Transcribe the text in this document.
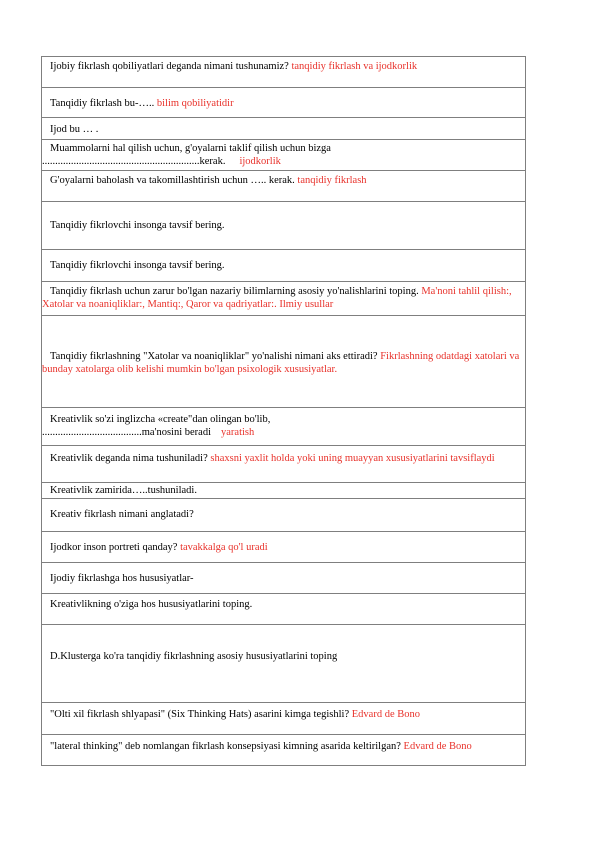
Ijobiy fikrlash qobiliyatlari deganda nimani tushunamiz? tanqidiy fikrlash va ijodkorlik
Tanqidiy fikrlash bu-….. bilim qobiliyatidir
Ijod bu … .
Muammolarni hal qilish uchun, g'oyalarni taklif qilish uchun bizga
............................................................kerak. ijodkorlik
G'oyalarni baholash va takomillashtirish uchun ….. kerak. tanqidiy fikrlash
Tanqidiy fikrlovchi insonga tavsif bering.
Tanqidiy fikrlovchi insonga tavsif bering.
Tanqidiy fikrlash uchun zarur bo'lgan nazariy bilimlarning asosiy yo'nalishlarini toping. Ma'noni tahlil qilish:, Xatolar va noaniqliklar:, Mantiq:, Qaror va qadriyatlar:. Ilmiy usullar
Tanqidiy fikrlashning "Xatolar va noaniqliklar" yo'nalishi nimani aks ettiradi? Fikrlashning odatdagi xatolari va bunday xatolarga olib kelishi mumkin bo'lgan psixologik xususiyatlar.
Kreativlik so'zi inglizcha «create"dan olingan bo'lib,
......................................ma'nosini beradi yaratish
Kreativlik deganda nima tushuniladi? shaxsni yaxlit holda yoki uning muayyan xususiyatlarini tavsiflaydi
Kreativlik zamirida…..tushuniladi.
Kreativ fikrlash nimani anglatadi?
Ijodkor inson portreti qanday? tavakkalga qo'l uradi
Ijodiy fikrlashga hos hususiyatlar-
Kreativlikning o'ziga hos hususiyatlarini toping.
D.Klusterga ko'ra tanqidiy fikrlashning asosiy hususiyatlarini toping
"Olti xil fikrlash shlyapasi" (Six Thinking Hats) asarini kimga tegishli? Edvard de Bono
"lateral thinking" deb nomlangan fikrlash konsepsiyasi kimning asarida keltirilgan? Edvard de Bono
